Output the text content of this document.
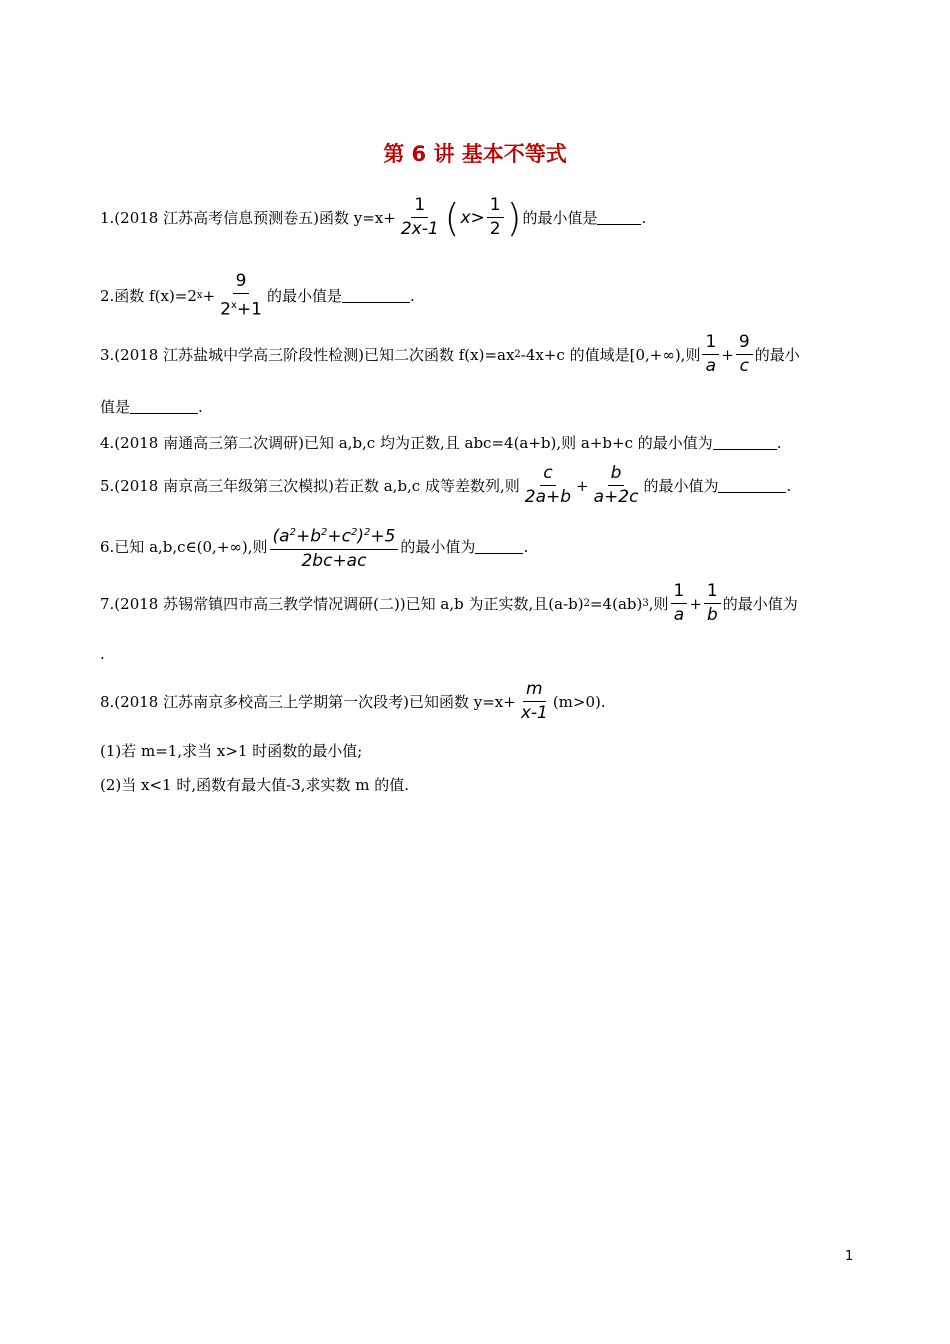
第 6 讲 基本不等式
1.(2018 江苏高考信息预测卷五)函数 $y=x+ \frac{1}{2x-1}$ ( $x> \frac{1}{2}$ ) 的最小值是	.
2.函数 f(x)=2 $x + \frac{9}{2^x+1}$ 的最小值是	.
3.(2018 江苏盐城中学高三阶段性检测)已知二次函数 f(x)=ax 2 -4x+c 的值域是[0,+∞),则 $\frac{1}{a} + \frac{9}{c}$ 的最小
值是	.
4.(2018 南通高三第二次调研)已知 a,b,c 均为正数,且 abc=4(a+b),则 a+b+c 的最小值为	.
5.(2018 南京高三年级第三次模拟)若正数 a,b,c 成等差数列,则 $\frac{c}{2a+b} + \frac{b}{a+2c}$ 的最小值为	.
6.已知 a,b,c∈(0,+∞),则 $\frac{(a^2+b^2+c^2)^2+5}{2bc+ac}$ 的最小值为	.
7.(2018 苏锡常镇四市高三教学情况调研(二))已知 a,b 为正实数,且(a-b) 2 =4(ab) 3 ,则 $\frac{1}{a} + \frac{1}{b}$ 的最小值为
.
8.(2018 江苏南京多校高三上学期第一次段考)已知函数 $y=x+ \frac{m}{x-1} (m>0)$.
(1)若 m=1,求当 x>1 时函数的最小值;
(2)当 x<1 时,函数有最大值-3,求实数 m 的值.
1
